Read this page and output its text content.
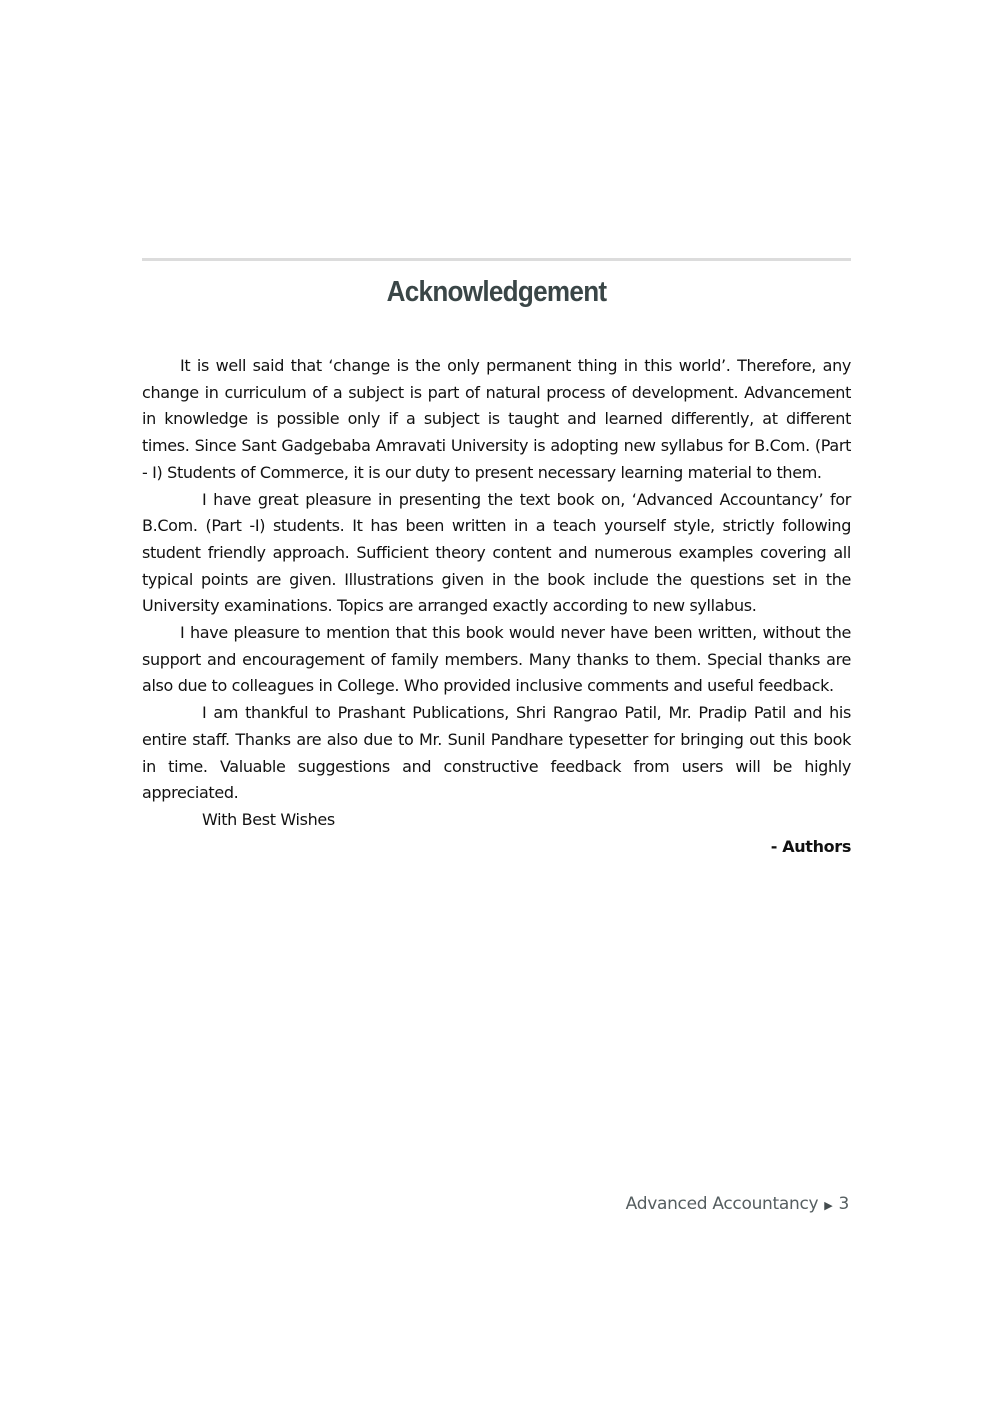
Acknowledgement

It is well said that ‘change is the only permanent thing in this world’. Therefore, any change in curriculum of a subject is part of natural process of development. Advancement in knowledge is possible only if a subject is taught and learned differently, at different times. Since Sant Gadgebaba Amravati University is adopting new syllabus for B.Com. (Part - I) Students of Commerce, it is our duty to present necessary learning material to them.

I have great pleasure in presenting the text book on, ‘Advanced Accountancy’ for B.Com. (Part -I) students. It has been written in a teach yourself style, strictly following student friendly approach. Sufficient theory content and numerous examples covering all typical points are given. Illustrations given in the book include the questions set in the University examinations. Topics are arranged exactly according to new syllabus.

I have pleasure to mention that this book would never have been written, without the support and encouragement of family members. Many thanks to them. Special thanks are also due to colleagues in College. Who provided inclusive comments and useful feedback.

I am thankful to Prashant Publications, Shri Rangrao Patil, Mr. Pradip Patil and his entire staff. Thanks are also due to Mr. Sunil Pandhare typesetter for bringing out this book in time. Valuable suggestions and constructive feedback from users will be highly appreciated.

With Best Wishes

- Authors

Advanced Accountancy ▶ 3
